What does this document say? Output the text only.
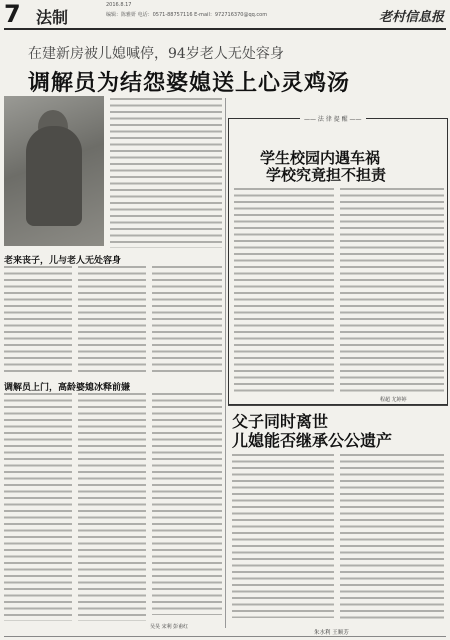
7 法制
2016.8.17
编辑：陈雅妍 电话：0571-88757116 E-mail：972716370@qq.com	老村信息报
在建新房被儿媳喊停，94岁老人无处容身
调解员为结怨婆媳送上心灵鸡汤
老来丧子，儿与老人无处容身
调解员上门，高龄婆媳冰释前嫌
吴昊 宋利 彭甫红
—— 法 律 提 醒 ——
学生校园内遇车祸
学校究竟担不担责
程超 尤婷婷
父子同时离世
儿媳能否继承公公遗产
朱水利 王顺芳
